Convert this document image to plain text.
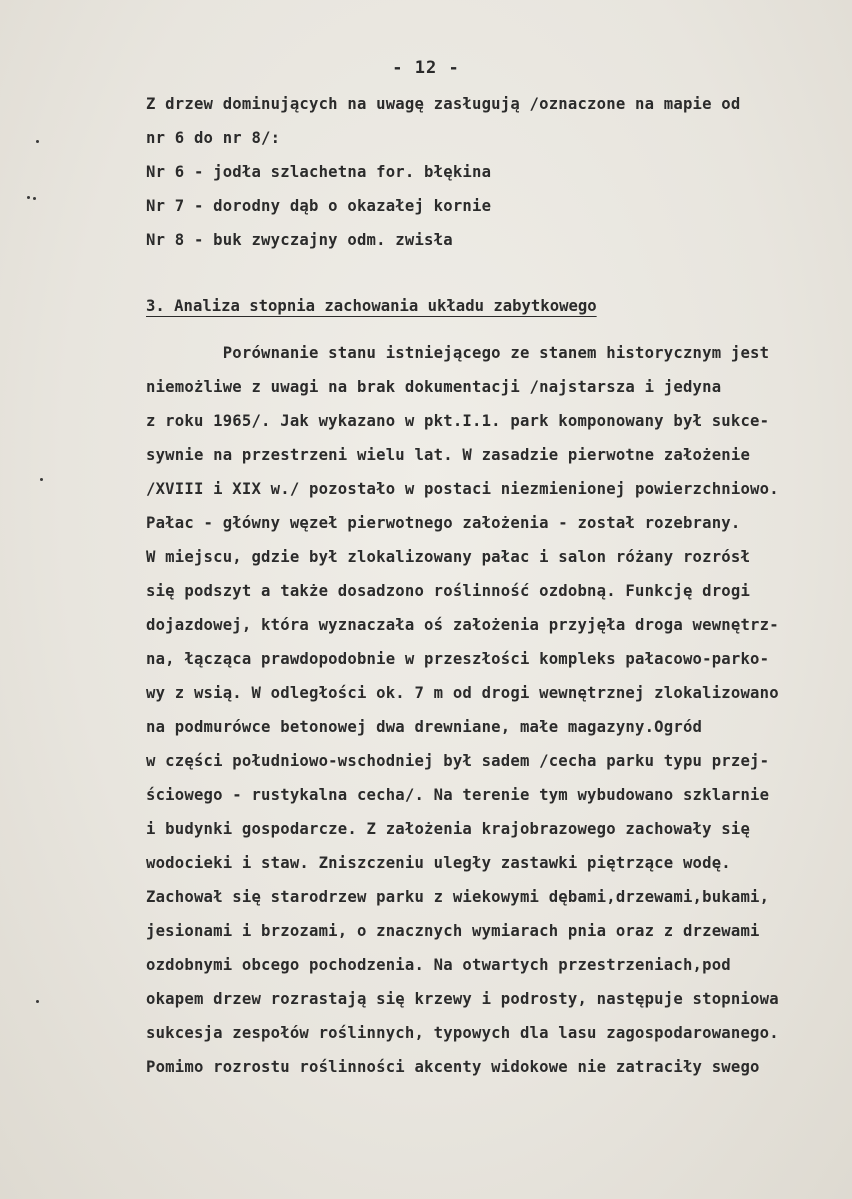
- 12 -
Z drzew dominujących na uwagę zasługują /oznaczone na mapie od
nr 6 do nr 8/:
Nr 6 - jodła szlachetna for. błękina
Nr 7 - dorodny dąb o okazałej kornie
Nr 8 - buk zwyczajny odm. zwisła
3. Analiza stopnia zachowania układu zabytkowego
Porównanie stanu istniejącego ze stanem historycznym jest
niemożliwe z uwagi na brak dokumentacji /najstarsza i jedyna
z roku 1965/. Jak wykazano w pkt.I.1. park komponowany był sukce-
sywnie na przestrzeni wielu lat. W zasadzie pierwotne założenie
/XVIII i XIX w./ pozostało w postaci niezmienionej powierzchniowo.
Pałac - główny węzeł pierwotnego założenia - został rozebrany.
W miejscu, gdzie był zlokalizowany pałac i salon różany rozrósł
się podszyt a także dosadzono roślinność ozdobną. Funkcję drogi
dojazdowej, która wyznaczała oś założenia przyjęła droga wewnętrz-
na, łącząca prawdopodobnie w przeszłości kompleks pałacowo-parko-
wy z wsią. W odległości ok. 7 m od drogi wewnętrznej zlokalizowano
na podmurówce betonowej dwa drewniane, małe magazyny.Ogród
w części południowo-wschodniej był sadem /cecha parku typu przej-
ściowego - rustykalna cecha/. Na terenie tym wybudowano szklarnie
i budynki gospodarcze. Z założenia krajobrazowego zachowały się
wodocieki i staw. Zniszczeniu uległy zastawki piętrzące wodę.
Zachował się starodrzew parku z wiekowymi dębami,drzewami,bukami,
jesionami i brzozami, o znacznych wymiarach pnia oraz z drzewami
ozdobnymi obcego pochodzenia. Na otwartych przestrzeniach,pod
okapem drzew rozrastają się krzewy i podrosty, następuje stopniowa
sukcesja zespołów roślinnych, typowych dla lasu zagospodarowanego.
Pomimo rozrostu roślinności akcenty widokowe nie zatraciły swego
